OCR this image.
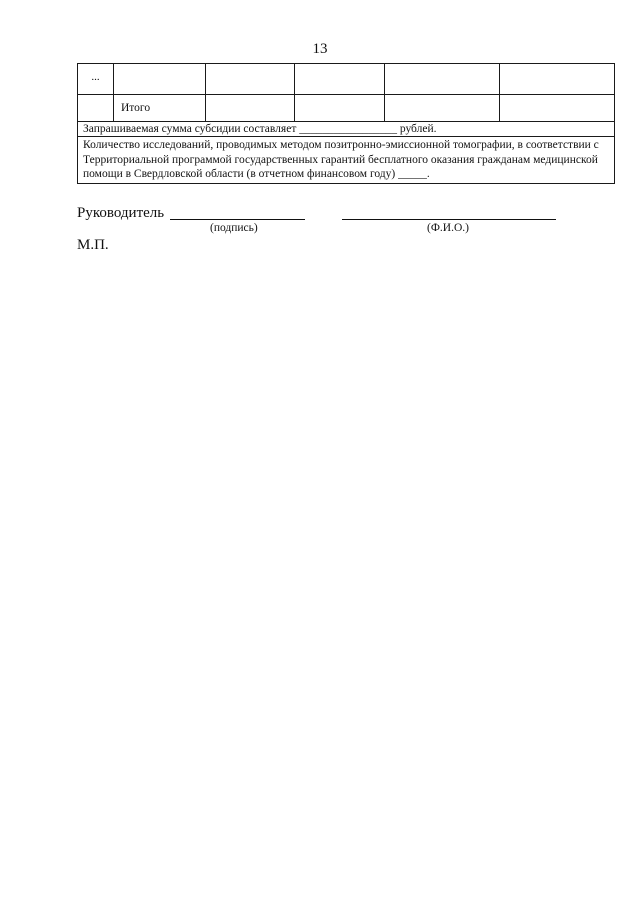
13
...					
	Итого				
Запрашиваемая сумма субсидии составляет _________________ рублей.					
Количество исследований, проводимых методом позитронно-эмиссионной томографии, в соответствии с Территориальной программой государственных гарантий бесплатного оказания гражданам медицинской помощи в Свердловской области (в отчетном финансовом году) _____.					
Руководитель
(подпись)	(Ф.И.О.)
М.П.
